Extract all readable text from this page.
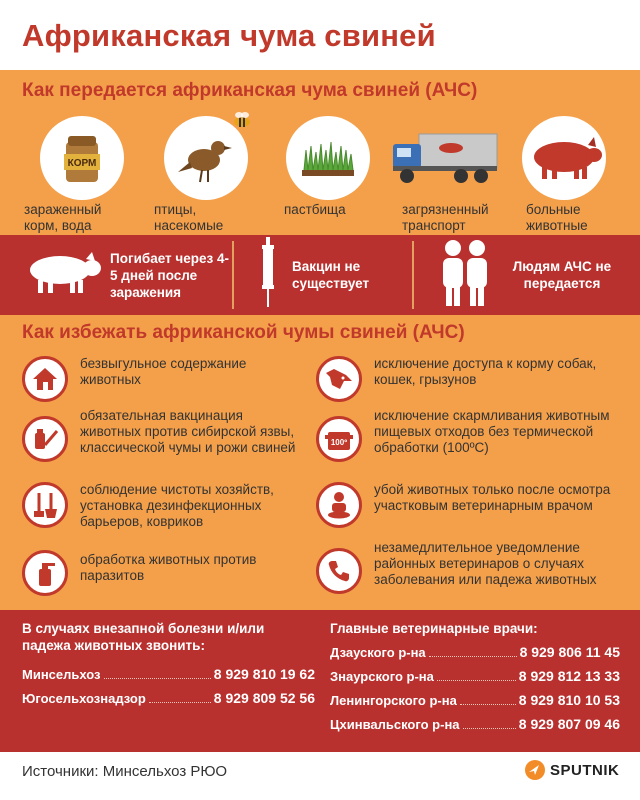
Африканская чума свиней
Как передается африканская чума свиней (АЧС)
КОРМ
зараженный корм, вода
птицы, насекомые
пастбища	загрязненный транспорт
больные животные
Погибает через 4-5 дней после заражения
Вакцин не существует
Людям АЧС не передается
Как избежать африканской чумы свиней (АЧС)
безвыгульное содержание животных
обязательная вакцинация животных против сибирской язвы, классической чумы и рожи свиней
соблюдение чистоты хозяйств, установка дезинфекционных барьеров, ковриков
обработка животных против паразитов
исключение доступа к корму собак, кошек, грызунов
100º
исключение скармливания животным пищевых отходов без термической обработки (100ºС)
убой животных только после осмотра участковым ветеринарным врачом
незамедлительное уведомление районных ветеринаров о случаях заболевания или падежа животных
В случаях внезапной болезни и/или падежа животных звонить:
Минсельхоз	8 929 810 19 62
Югосельхознадзор	8 929 809 52 56
Главные ветеринарные врачи:
Дзауского р-на	8 929 806 11 45
Знаурского р-на	8 929 812 13 33
Ленингорского р-на	8 929 810 10 53
Цхинвальского р-на	8 929 807 09 46
Источники: Минсельхоз РЮО	SPUTNIK
